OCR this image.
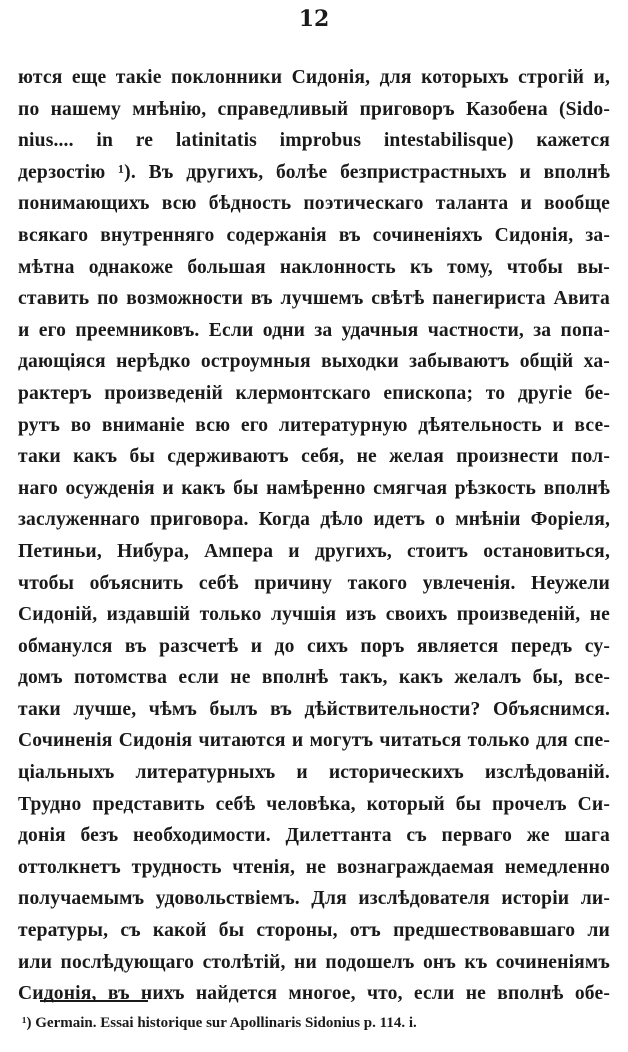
12
ются еще такіе поклонники Сидонія, для которыхъ строгій и,
по нашему мнѣнію, справедливый приговоръ Казобена (Sido-
nius.... in re latinitatis improbus intestabilisque) кажется
дерзостію ¹). Въ другихъ, болѣе безпристрастныхъ и вполнѣ
понимающихъ всю бѣдность поэтическаго таланта и вообще
всякаго внутренняго содержанія въ сочиненіяхъ Сидонія, за-
мѣтна однакоже большая наклонность къ тому, чтобы вы-
ставить по возможности въ лучшемъ свѣтѣ панегириста Авита
и его преемниковъ. Если одни за удачныя частности, за попа-
дающіяся нерѣдко остроумныя выходки забываютъ общій ха-
рактеръ произведеній клермонтскаго епископа; то другіе бе-
рутъ во вниманіе всю его литературную дѣятельность и все-
таки какъ бы сдерживаютъ себя, не желая произнести пол-
наго осужденія и какъ бы намѣренно смягчая рѣзкость вполнѣ
заслуженнаго приговора. Когда дѣло идетъ о мнѣніи Форіеля,
Петиньи, Нибура, Ампера и другихъ, стоитъ остановиться,
чтобы объяснить себѣ причину такого увлеченія. Неужели
Сидоній, издавшій только лучшія изъ своихъ произведеній, не
обманулся въ разсчетѣ и до сихъ поръ является передъ су-
домъ потомства если не вполнѣ такъ, какъ желалъ бы, все-
таки лучше, чѣмъ былъ въ дѣйствительности? Объяснимся.
Сочиненія Сидонія читаются и могутъ читаться только для спе-
ціальныхъ литературныхъ и историческихъ изслѣдованій.
Трудно представить себѣ человѣка, который бы прочелъ Си-
донія безъ необходимости. Дилеттанта съ перваго же шага
оттолкнетъ трудность чтенія, не вознаграждаемая немедленно
получаемымъ удовольствіемъ. Для изслѣдователя исторіи ли-
тературы, съ какой бы стороны, отъ предшествовавшаго ли
или послѣдующаго столѣтій, ни подошелъ онъ къ сочиненіямъ
Сидонія, въ нихъ найдется многое, что, если не вполнѣ обе-
¹) Germain. Essai historique sur Apollinaris Sidonius p. 114. i.
